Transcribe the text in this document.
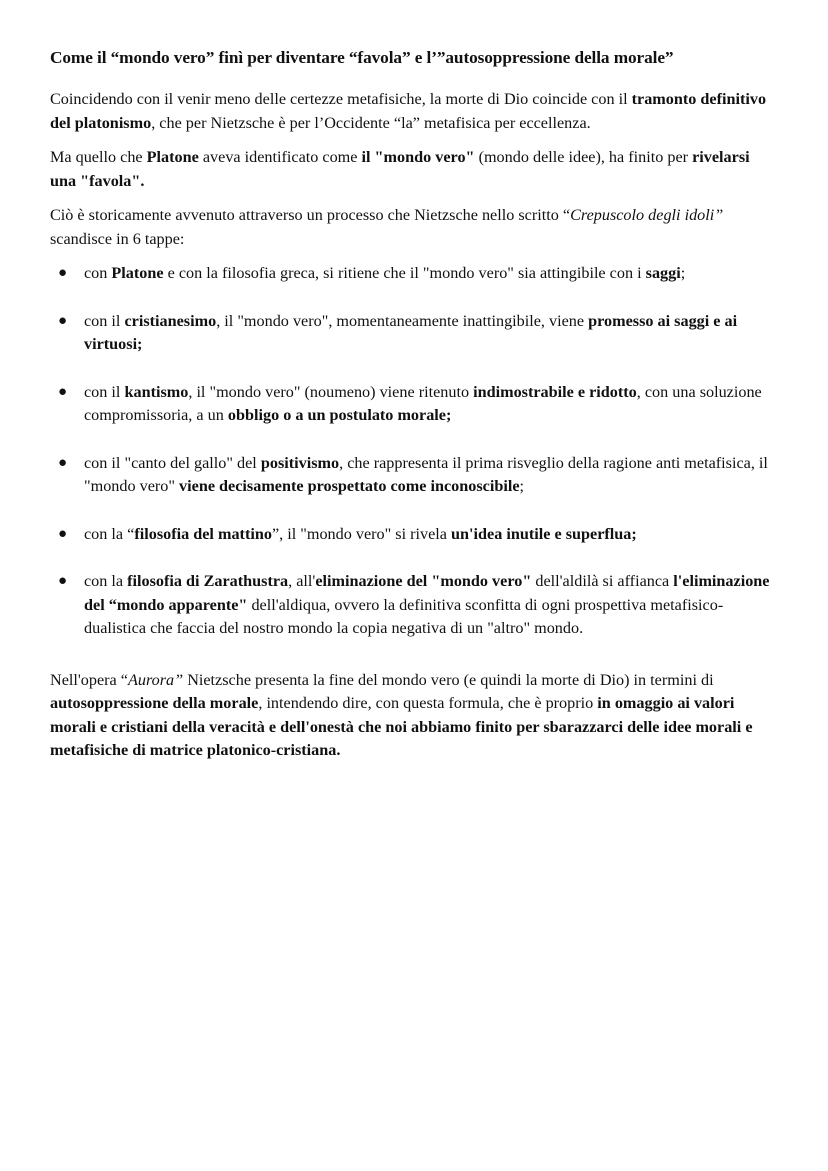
Come il “mondo vero” finì per diventare “favola” e l’”autosoppressione della morale”

Coincidendo con il venir meno delle certezze metafisiche, la morte di Dio coincide con il tramonto definitivo del platonismo, che per Nietzsche è per l’Occidente “la” metafisica per eccellenza.

Ma quello che Platone aveva identificato come il "mondo vero" (mondo delle idee), ha finito per rivelarsi una "favola".

Ciò è storicamente avvenuto attraverso un processo che Nietzsche nello scritto “Crepuscolo degli idoli” scandisce in 6 tappe:

● con Platone e con la filosofia greca, si ritiene che il "mondo vero" sia attingibile con i saggi;
● con il cristianesimo, il "mondo vero", momentaneamente inattingibile, viene promesso ai saggi e ai virtuosi;
● con il kantismo, il "mondo vero" (noumeno) viene ritenuto indimostrabile e ridotto, con una soluzione compromissoria, a un obbligo o a un postulato morale;
● con il "canto del gallo" del positivismo, che rappresenta il prima risveglio della ragione anti metafisica, il "mondo vero" viene decisamente prospettato come inconoscibile;
● con la “filosofia del mattino”, il "mondo vero" si rivela un'idea inutile e superflua;
● con la filosofia di Zarathustra, all'eliminazione del "mondo vero" dell'aldilà si affianca l'eliminazione del “mondo apparente" dell'aldiqua, ovvero la definitiva sconfitta di ogni prospettiva metafisico-dualistica che faccia del nostro mondo la copia negativa di un "altro" mondo.

Nell'opera “Aurora” Nietzsche presenta la fine del mondo vero (e quindi la morte di Dio) in termini di autosoppressione della morale, intendendo dire, con questa formula, che è proprio in omaggio ai valori morali e cristiani della veracità e dell'onestà che noi abbiamo finito per sbarazzarci delle idee morali e metafisiche di matrice platonico-cristiana.
